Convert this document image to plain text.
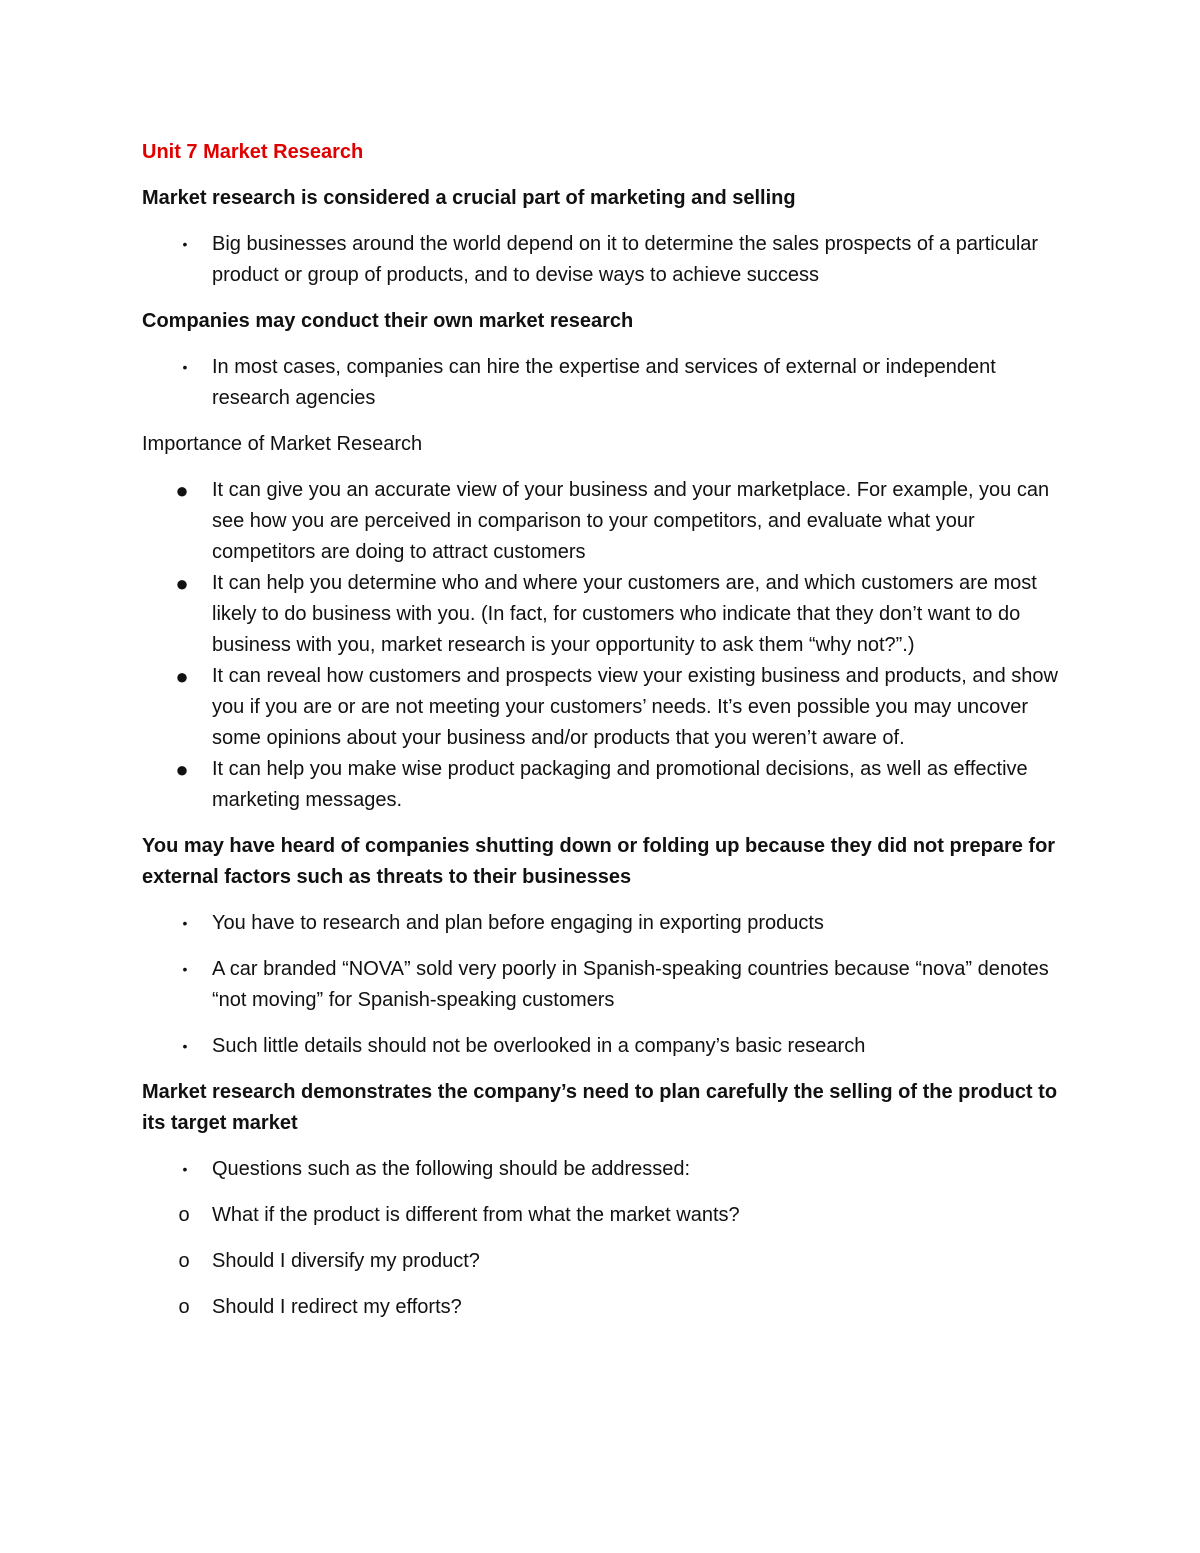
Unit 7 Market Research
Market research is considered a crucial part of marketing and selling
•	Big businesses around the world depend on it to determine the sales prospects of a particular product or group of products, and to devise ways to achieve success
Companies may conduct their own market research
•	In most cases, companies can hire the expertise and services of external or independent research agencies
Importance of Market Research
● It can give you an accurate view of your business and your marketplace. For example, you can see how you are perceived in comparison to your competitors, and evaluate what your competitors are doing to attract customers
● It can help you determine who and where your customers are, and which customers are most likely to do business with you. (In fact, for customers who indicate that they don’t want to do business with you, market research is your opportunity to ask them “why not?”.)
● It can reveal how customers and prospects view your existing business and products, and show you if you are or are not meeting your customers’ needs. It’s even possible you may uncover some opinions about your business and/or products that you weren’t aware of.
● It can help you make wise product packaging and promotional decisions, as well as effective marketing messages.
You may have heard of companies shutting down or folding up because they did not prepare for external factors such as threats to their businesses
•	You have to research and plan before engaging in exporting products
•	A car branded “NOVA” sold very poorly in Spanish-speaking countries because “nova” denotes “not moving” for Spanish-speaking customers
•	Such little details should not be overlooked in a company’s basic research
Market research demonstrates the company’s need to plan carefully the selling of the product to its target market
•	Questions such as the following should be addressed:
o What if the product is different from what the market wants?
o Should I diversify my product?
o Should I redirect my efforts?
